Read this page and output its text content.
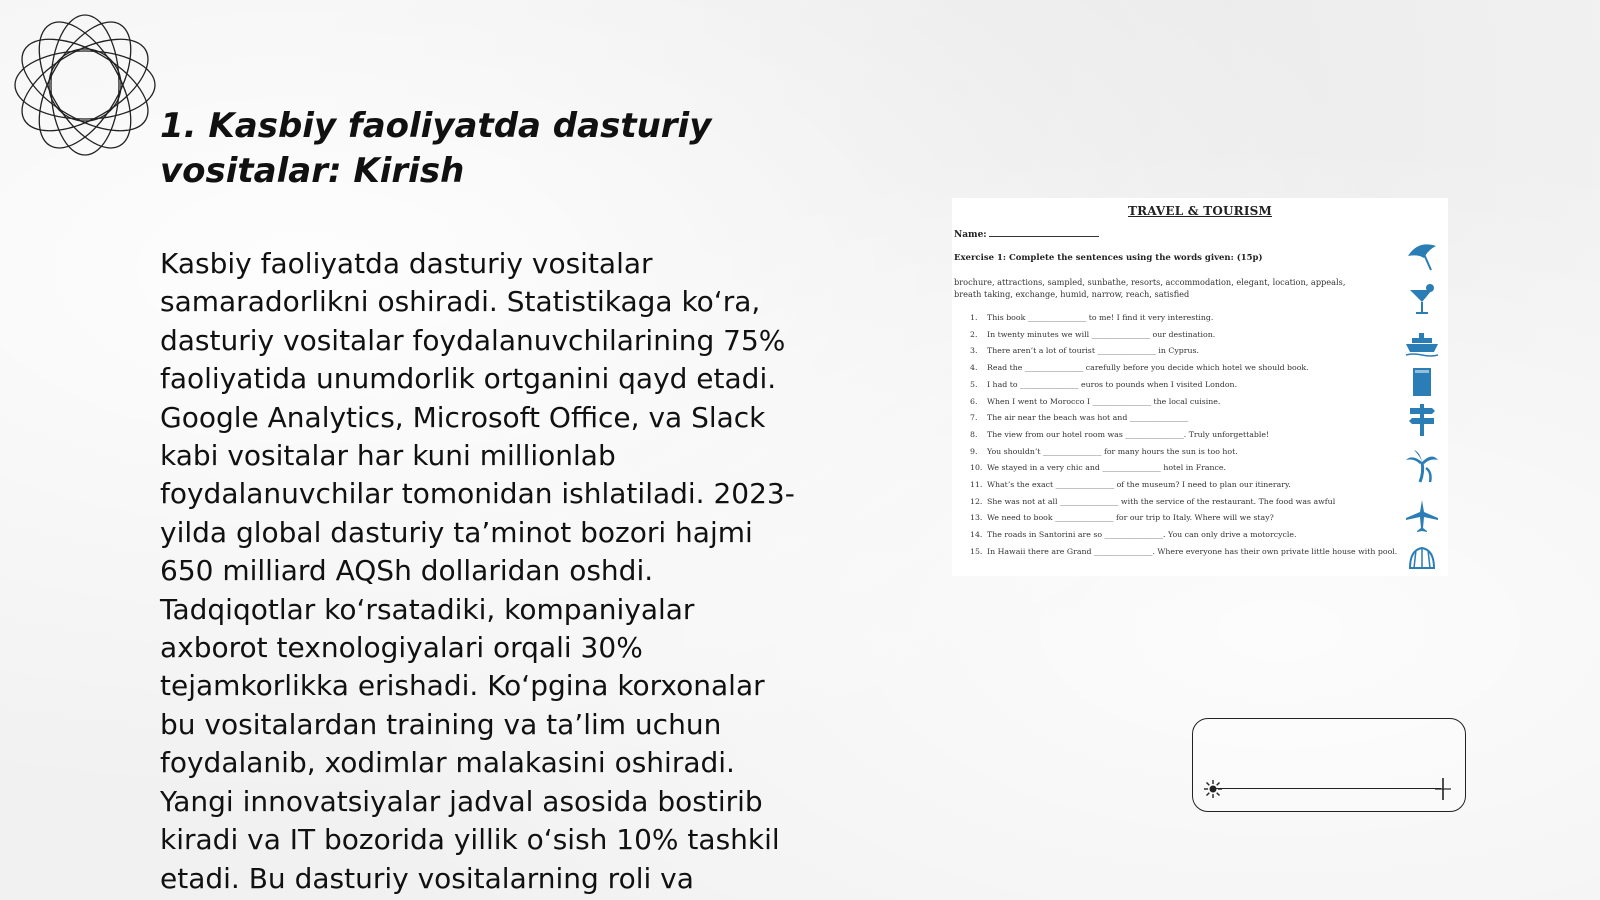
1. Kasbiy faoliyatda dasturiy
vositalar: Kirish

Kasbiy faoliyatda dasturiy vositalar
samaradorlikni oshiradi. Statistikaga ko‘ra,
dasturiy vositalar foydalanuvchilarining 75%
faoliyatida unumdorlik ortganini qayd etadi.
Google Analytics, Microsoft Office, va Slack
kabi vositalar har kuni millionlab
foydalanuvchilar tomonidan ishlatiladi. 2023-
yilda global dasturiy ta’minot bozori hajmi
650 milliard AQSh dollaridan oshdi.
Tadqiqotlar ko‘rsatadiki, kompaniyalar
axborot texnologiyalari orqali 30%
tejamkorlikka erishadi. Ko‘pgina korxonalar
bu vositalardan training va ta’lim uchun
foydalanib, xodimlar malakasini oshiradi.
Yangi innovatsiyalar jadval asosida bostirib
kiradi va IT bozorida yillik o‘sish 10% tashkil
etadi. Bu dasturiy vositalarning roli va

TRAVEL & TOURISM
Name:
Exercise 1: Complete the sentences using the words given: (15p)
brochure, attractions, sampled, sunbathe, resorts, accommodation, elegant, location, appeals, breath taking, exchange, humid, narrow, reach, satisfied
1. This book _______________ to me! I find it very interesting.
2. In twenty minutes we will _______________ our destination.
3. There aren’t a lot of tourist _______________ in Cyprus.
4. Read the _______________ carefully before you decide which hotel we should book.
5. I had to _______________ euros to pounds when I visited London.
6. When I went to Morocco I _______________ the local cuisine.
7. The air near the beach was hot and _______________
8. The view from our hotel room was _______________. Truly unforgettable!
9. You shouldn’t _______________ for many hours the sun is too hot.
10. We stayed in a very chic and _______________ hotel in France.
11. What’s the exact _______________ of the museum? I need to plan our itinerary.
12. She was not at all _______________ with the service of the restaurant. The food was awful
13. We need to book _______________ for our trip to Italy. Where will we stay?
14. The roads in Santorini are so _______________. You can only drive a motorcycle.
15. In Hawaii there are Grand _______________. Where everyone has their own private little house with pool.
